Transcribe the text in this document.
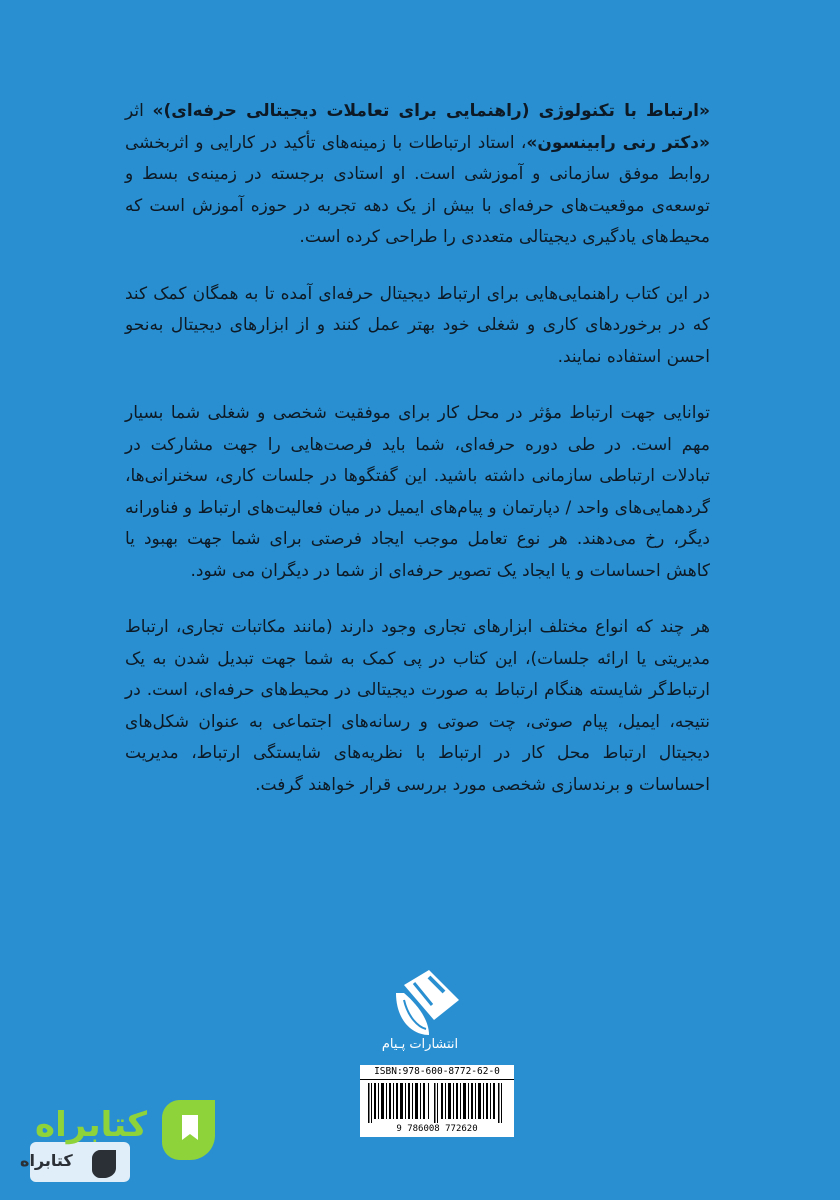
«ارتباط با تکنولوژی (راهنمایی برای تعاملات دیجیتالی حرفه‌ای)» اثر «دکتر رنی رابینسون»، استاد ارتباطات با زمینه‌های تأکید در کارایی و اثربخشی روابط موفق سازمانی و آموزشی است. او استادی برجسته در زمینه‌ی بسط و توسعه‌ی موقعیت‌های حرفه‌ای با بیش از یک دهه تجربه در حوزه آموزش است که محیط‌های یادگیری دیجیتالی متعددی را طراحی کرده است.

در این کتاب راهنمایی‌هایی برای ارتباط دیجیتال حرفه‌ای آمده تا به همگان کمک کند که در برخوردهای کاری و شغلی خود بهتر عمل کنند و از ابزارهای دیجیتال به‌نحو احسن استفاده نمایند.

توانایی جهت ارتباط مؤثر در محل کار برای موفقیت شخصی و شغلی شما بسیار مهم است. در طی دوره حرفه‌ای، شما باید فرصت‌هایی را جهت مشارکت در تبادلات ارتباطی سازمانی داشته باشید. این گفتگوها در جلسات کاری، سخنرانی‌ها، گردهمایی‌های واحد / دپارتمان و پیام‌های ایمیل در میان فعالیت‌های ارتباط و فناورانه دیگر، رخ می‌دهند. هر نوع تعامل موجب ایجاد فرصتی برای شما جهت بهبود یا کاهش احساسات و یا ایجاد یک تصویر حرفه‌ای از شما در دیگران می شود.

هر چند که انواع مختلف ابزارهای تجاری وجود دارند (مانند مکاتبات تجاری، ارتباط مدیریتی یا ارائه جلسات)، این کتاب در پی کمک به شما جهت تبدیل شدن به یک ارتباط‌گر شایسته هنگام ارتباط به صورت دیجیتالی در محیط‌های حرفه‌ای، است. در نتیجه، ایمیل، پیام صوتی، چت صوتی و رسانه‌های اجتماعی به عنوان شکل‌های دیجیتال ارتباط محل کار در ارتباط با نظریه‌های شایستگی ارتباط، مدیریت احساسات و برندسازی شخصی مورد بررسی قرار خواهند گرفت.

انتشارات پـیام
ISBN:978-600-8772-62-0
9 786008 772620
کتابراه
کتابراه
